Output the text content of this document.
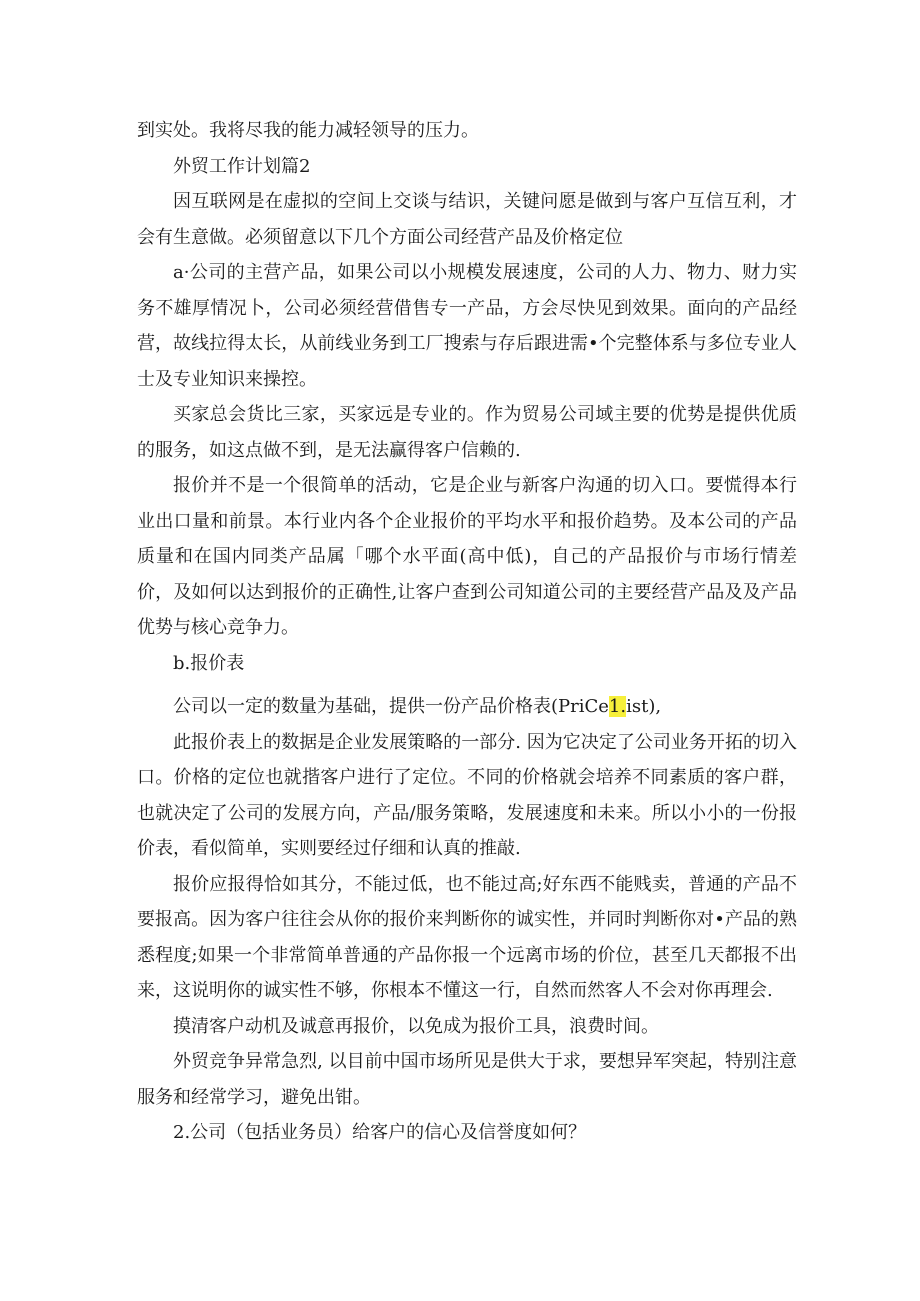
到实处。我将尽我的能力减轻领导的压力。

外贸工作计划篇2

因互联网是在虚拟的空间上交谈与结识，关键问愿是做到与客户互信互利，才会有生意做。必须留意以下几个方面公司经营产品及价格定位

a·公司的主营产品，如果公司以小规模发展速度，公司的人力、物力、财力实务不雄厚情况卜，公司必须经营借售专一产品，方会尽快见到效果。面向的产品经营，故线拉得太长，从前线业务到工厂搜索与存后跟进需•个完整体系与多位专业人士及专业知识来操控。

买家总会货比三家，买家远是专业的。作为贸易公司域主要的优势是提供优质的服务，如这点做不到，是无法赢得客户信赖的.

报价并不是一个很简单的活动，它是企业与新客户沟通的切入口。要慌得本行业出口量和前景。本行业内各个企业报价的平均水平和报价趋势。及本公司的产品质量和在国内同类产品属「哪个水平面(高中低)，自己的产品报价与市场行情差价，及如何以达到报价的正确性,让客户查到公司知道公司的主要经营产品及及产品优势与核心竞争力。

b.报价表

公司以一定的数量为基础，提供一份产品价格表(PriCe1.ist),

此报价表上的数据是企业发展策略的一部分. 因为它决定了公司业务开拓的切入口。价格的定位也就揩客户进行了定位。不同的价格就会培养不同素质的客户群，也就决定了公司的发展方向，产品/服务策略，发展速度和未来。所以小小的一份报价表，看似简单，实则要经过仔细和认真的推敲.

报价应报得恰如其分，不能过低，也不能过高;好东西不能贱卖，普通的产品不要报高。因为客户往往会从你的报价来判断你的诚实性，并同时判断你对•产品的熟悉程度;如果一个非常简单普通的产品你报一个远离市场的价位，甚至几天都报不出来，这说明你的诚实性不够，你根本不懂这一行，自然而然客人不会对你再理会.

摸清客户动机及诚意再报价，以免成为报价工具，浪费时间。

外贸竞争异常急烈, 以目前中国市场所见是供大于求，要想异军突起，特别注意服务和经常学习，避免出钳。

2.公司（包括业务员）给客户的信心及信誉度如何？
